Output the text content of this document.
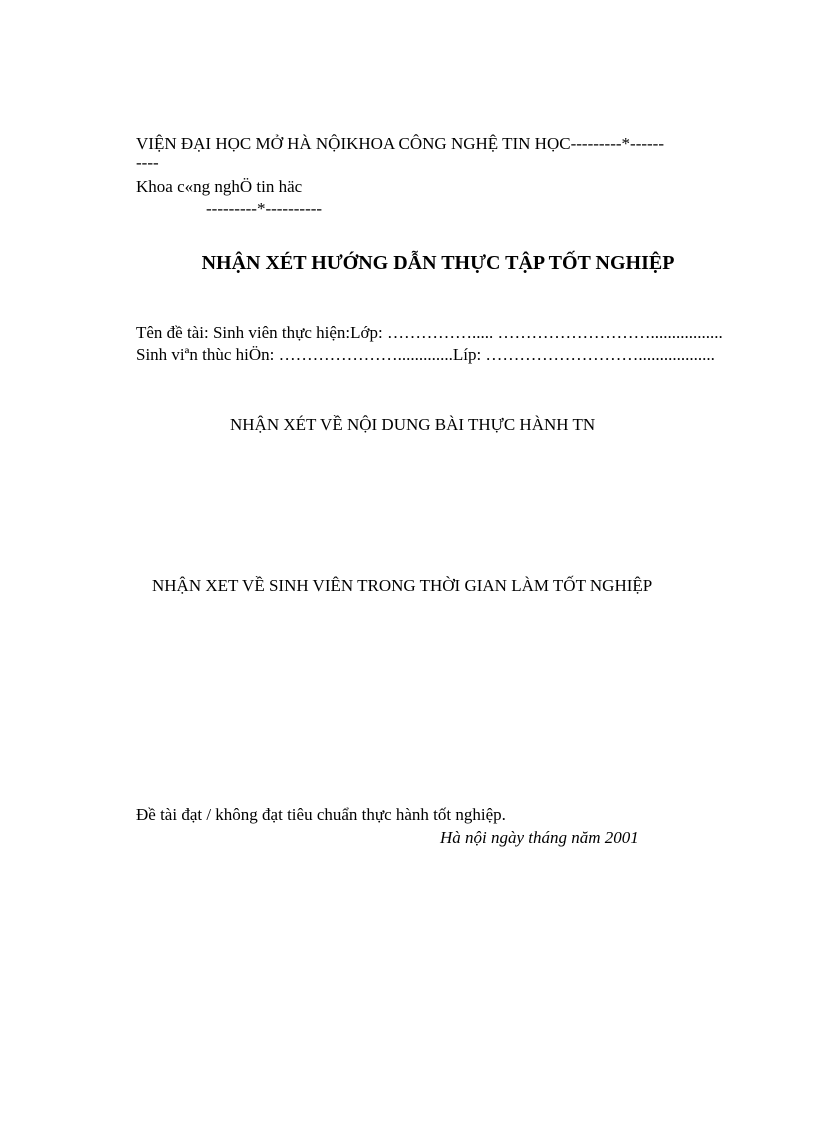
VIỆN ĐẠI HỌC MỞ HÀ NỘIKHOA CÔNG NGHỆ TIN HỌC---------*------
----
Khoa c«ng nghÖ tin häc
---------*----------
NHẬN XÉT HƯỚNG DẪN THỰC TẬP TỐT NGHIỆP
Tên đề tài: Sinh viên thực hiện:Lớp: ……………..... ……………………….................
Sinh viªn thùc hiÖn: ………………….............Líp: ………………………..................
NHẬN XÉT VỀ NỘI DUNG BÀI THỰC HÀNH TN
NHẬN XET VỀ SINH VIÊN TRONG THỜI GIAN LÀM TỐT NGHIỆP
Đề tài đạt / không đạt tiêu chuẩn thực hành tốt nghiệp.
Hà nội ngày tháng năm 2001
